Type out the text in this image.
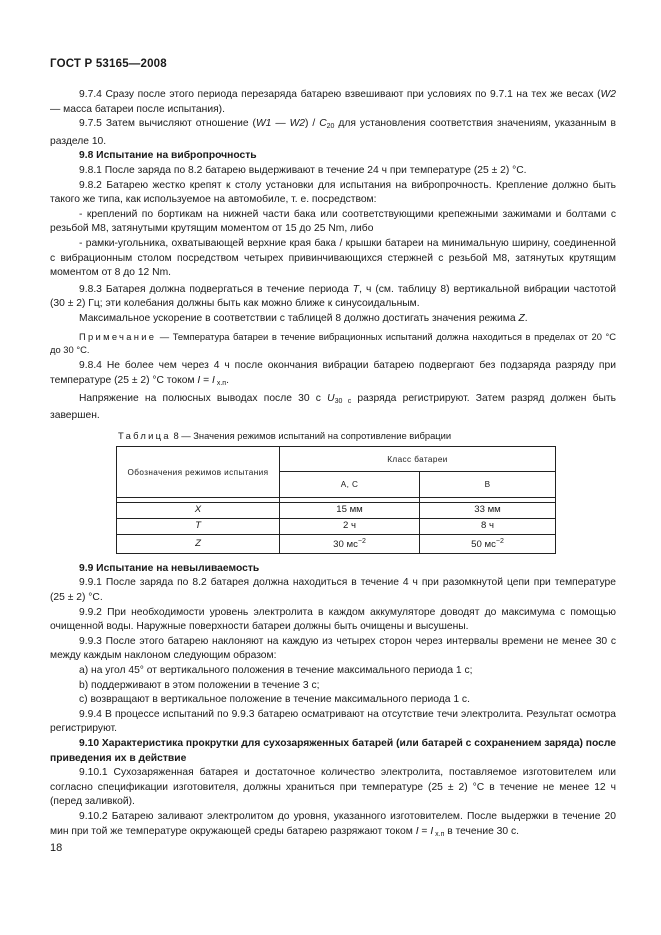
ГОСТ Р 53165—2008

9.7.4 Сразу после этого периода перезаряда батарею взвешивают при условиях по 9.7.1 на тех же весах (W2 — масса батареи после испытания).

9.7.5 Затем вычисляют отношение (W1 — $W2) / C_{20}$ для установления соответствия значениям, указанным в разделе 10.

9.8 Испытание на вибропрочность

9.8.1 После заряда по 8.2 батарею выдерживают в течение 24 ч при температуре (25 ± 2) °С.

9.8.2 Батарею жестко крепят к столу установки для испытания на вибропрочность. Крепление должно быть такого же типа, как используемое на автомобиле, т. е. посредством:

- креплений по бортикам на нижней части бака или соответствующими крепежными зажимами и болтами с резьбой М8, затянутыми крутящим моментом от 15 до 25 Nm, либо

- рамки-угольника, охватывающей верхние края бака / крышки батареи на минимальную ширину, соединенной с вибрационным столом посредством четырех привинчивающихся стержней с резьбой М8, затянутых крутящим моментом от 8 до 12 Nm.

9.8.3 Батарея должна подвергаться в течение периода Т, ч (см. таблицу 8) вертикальной вибрации частотой (30 ± 2) Гц; эти колебания должны быть как можно ближе к синусоидальным.

Максимальное ускорение в соответствии с таблицей 8 должно достигать значения режима Z.

Примечание — Температура батареи в течение вибрационных испытаний должна находиться в пределах от 20 °С до 30 °С.

9.8.4 Не более чем через 4 ч после окончания вибрации батарею подвергают без подзаряда разряду при температуре (25 ± 2) °С током I = I $_{x.п}$.

Напряжение на полюсных выводах после 30 с $U_{30 с}$ разряда регистрируют. Затем разряд должен быть завершен.

Таблица 8 — Значения режимов испытаний на сопротивление вибрации

Обозначения режимов испытания	Класс батареи	
	А, С	В

X	15 мм	33 мм
T	2 ч	8 ч
Z	30 $мс^{-2}$	50 $мс^{-2}$

9.9 Испытание на невыливаемость

9.9.1 После заряда по 8.2 батарея должна находиться в течение 4 ч при разомкнутой цепи при температуре (25 ± 2) °С.

9.9.2 При необходимости уровень электролита в каждом аккумуляторе доводят до максимума с помощью очищенной воды. Наружные поверхности батареи должны быть очищены и высушены.

9.9.3 После этого батарею наклоняют на каждую из четырех сторон через интервалы времени не менее 30 с между каждым наклоном следующим образом:

а) на угол 45° от вертикального положения в течение максимального периода 1 с;

b) поддерживают в этом положении в течение 3 с;

с) возвращают в вертикальное положение в течение максимального периода 1 с.

9.9.4 В процессе испытаний по 9.9.3 батарею осматривают на отсутствие течи электролита. Результат осмотра регистрируют.

9.10 Характеристика прокрутки для сухозаряженных батарей (или батарей с сохранением заряда) после приведения их в действие

9.10.1 Сухозаряженная батарея и достаточное количество электролита, поставляемое изготовителем или согласно спецификации изготовителя, должны храниться при температуре (25 ± 2) °С в течение не менее 12 ч (перед заливкой).

9.10.2 Батарею заливают электролитом до уровня, указанного изготовителем. После выдержки в течение 20 мин при той же температуре окружающей среды батарею разряжают током I = I $_{x.п}$ в течение 30 с.

18
